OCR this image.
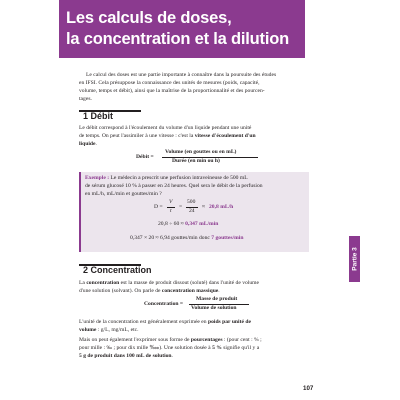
Les calculs de doses,
la concentration et la dilution 9
Partie 3
Le calcul des doses est une partie importante à connaître dans la poursuite des études
en IFSI. Cela présuppose la connaissance des unités de mesures (poids, capacité,
volume, temps et débit), ainsi que la maîtrise de la proportionnalité et des pourcen-
tages.
1 Débit
Le débit correspond à l'écoulement du volume d'un liquide pendant une unité
de temps. On peut l'assimiler à une vitesse : c'est la vitesse d'écoulement d'un
liquide.
Débit =
Volume (en gouttes ou en mL)
Durée (en min ou h)
Exemple : Le médecin a prescrit une perfusion intraveineuse de 500 mL
de sérum glucosé 10 % à passer en 24 heures. Quel sera le débit de la perfusion
en mL/h, mL/min et gouttes/min ?
D =
V
t
=
500
24
≈ 20,8 mL/h
20,8 ÷ 60 ≈ 0,347 mL/min
0,347 × 20 ≈ 6,94 gouttes/min donc 7 gouttes/min
2 Concentration
La concentration est la masse de produit dissout (soluté) dans l'unité de volume
d'une solution (solvant). On parle de concentration massique.
Concentration =
Masse de produit
Volume de solution
L'unité de la concentration est généralement exprimée en poids par unité de
volume : g/L, mg/mL, etc.
Mais on peut également l'exprimer sous forme de pourcentages : (pour cent : % ;
pour mille : ‰ ; pour dix mille ‱). Une solution dosée à 5 % signifie qu'il y a
5 g de produit dans 100 mL de solution.
107
